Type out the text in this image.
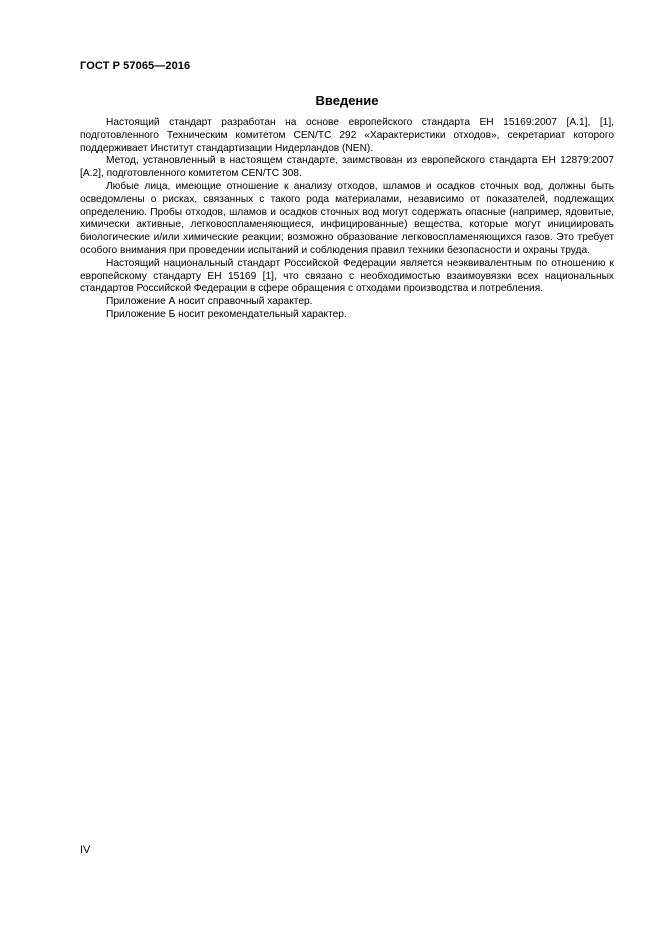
ГОСТ Р 57065—2016
Введение

Настоящий стандарт разработан на основе европейского стандарта ЕН 15169:2007 [А.1], [1], подготовленного Техническим комитетом CEN/TC 292 «Характеристики отходов», секретариат которого поддерживает Институт стандартизации Нидерландов (NEN).

Метод, установленный в настоящем стандарте, заимствован из европейского стандарта ЕН 12879:2007 [А.2], подготовленного комитетом CEN/TC 308.

Любые лица, имеющие отношение к анализу отходов, шламов и осадков сточных вод, должны быть осведомлены о рисках, связанных с такого рода материалами, независимо от показателей, подлежащих определению. Пробы отходов, шламов и осадков сточных вод могут содержать опасные (например, ядовитые, химически активные, легковоспламеняющиеся, инфицированные) вещества, которые могут инициировать биологические и/или химические реакции; возможно образование легковоспламеняющихся газов. Это требует особого внимания при проведении испытаний и соблюдения правил техники безопасности и охраны труда.

Настоящий национальный стандарт Российской Федерации является неэквивалентным по отношению к европейскому стандарту ЕН 15169 [1], что связано с необходимостью взаимоувязки всех национальных стандартов Российской Федерации в сфере обращения с отходами производства и потребления.

Приложение А носит справочный характер.

Приложение Б носит рекомендательный характер.

IV
